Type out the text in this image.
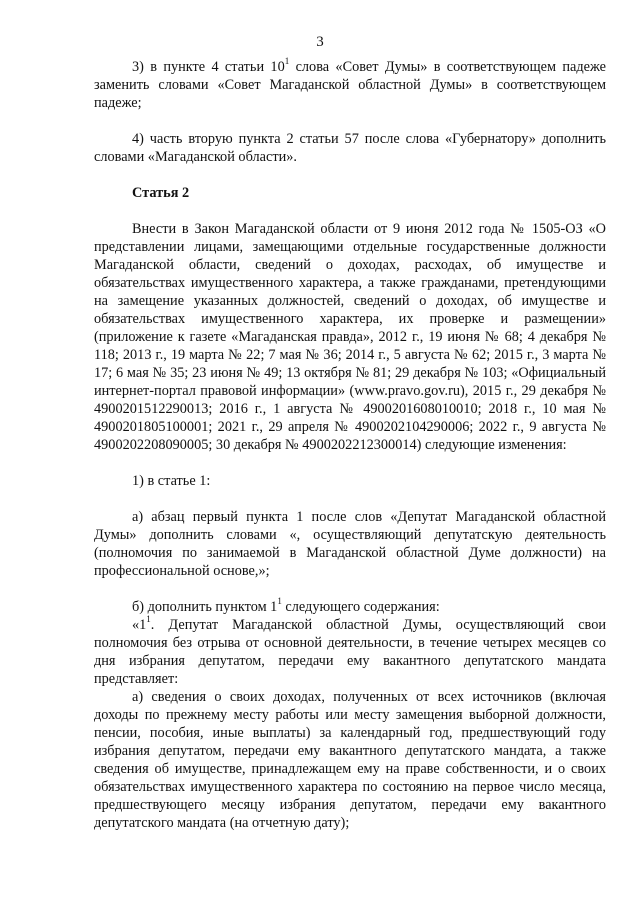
3

3) в пункте 4 статьи $10^1$ слова «Совет Думы» в соответствующем падеже заменить словами «Совет Магаданской областной Думы» в соответствующем падеже;

4) часть вторую пункта 2 статьи 57 после слова «Губернатору» дополнить словами «Магаданской области».

Статья 2

Внести в Закон Магаданской области от 9 июня 2012 года № 1505-ОЗ «О представлении лицами, замещающими отдельные государственные должности Магаданской области, сведений о доходах, расходах, об имуществе и обязательствах имущественного характера, а также гражданами, претендующими на замещение указанных должностей, сведений о доходах, об имуществе и обязательствах имущественного характера, их проверке и размещении» (приложение к газете «Магаданская правда», 2012 г., 19 июня № 68; 4 декабря № 118; 2013 г., 19 марта № 22; 7 мая № 36; 2014 г., 5 августа № 62; 2015 г., 3 марта № 17; 6 мая № 35; 23 июня № 49; 13 октября № 81; 29 декабря № 103; «Официальный интернет-портал правовой информации» (www.pravo.gov.ru), 2015 г., 29 декабря № 4900201512290013; 2016 г., 1 августа № 4900201608010010; 2018 г., 10 мая № 4900201805100001; 2021 г., 29 апреля № 4900202104290006; 2022 г., 9 августа № 4900202208090005; 30 декабря № 4900202212300014) следующие изменения:

1) в статье 1:

а) абзац первый пункта 1 после слов «Депутат Магаданской областной Думы» дополнить словами «, осуществляющий депутатскую деятельность (полномочия по занимаемой в Магаданской областной Думе должности) на профессиональной основе,»;

б) дополнить пунктом $1^1$ следующего содержания:

«$1^1$. Депутат Магаданской областной Думы, осуществляющий свои полномочия без отрыва от основной деятельности, в течение четырех месяцев со дня избрания депутатом, передачи ему вакантного депутатского мандата представляет:

а) сведения о своих доходах, полученных от всех источников (включая доходы по прежнему месту работы или месту замещения выборной должности, пенсии, пособия, иные выплаты) за календарный год, предшествующий году избрания депутатом, передачи ему вакантного депутатского мандата, а также сведения об имуществе, принадлежащем ему на праве собственности, и о своих обязательствах имущественного характера по состоянию на первое число месяца, предшествующего месяцу избрания депутатом, передачи ему вакантного депутатского мандата (на отчетную дату);
